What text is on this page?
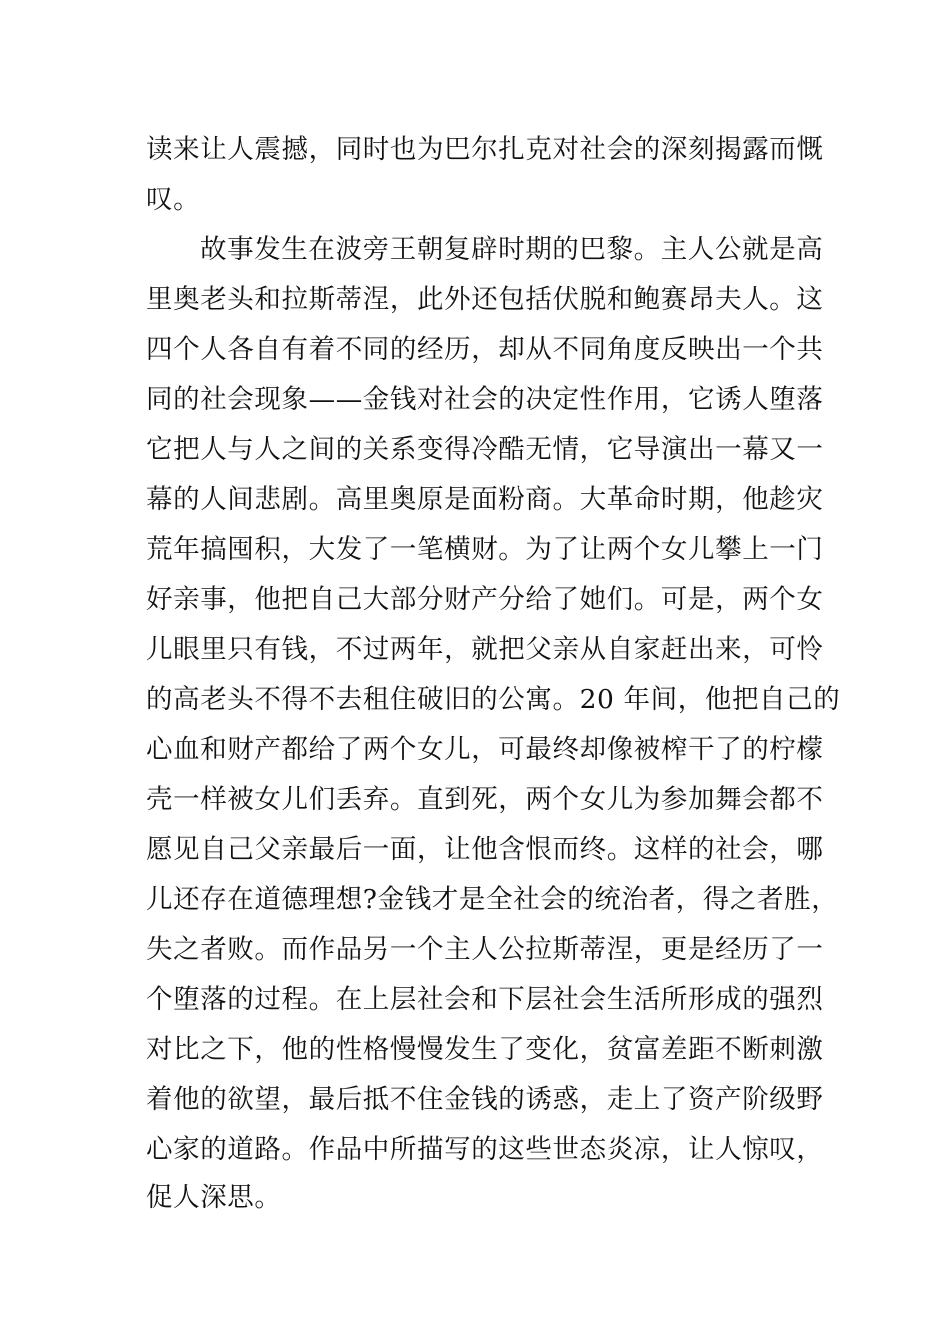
读来让人震撼，同时也为巴尔扎克对社会的深刻揭露而慨
叹。
故事发生在波旁王朝复辟时期的巴黎。主人公就是高
里奥老头和拉斯蒂涅，此外还包括伏脱和鲍赛昂夫人。这
四个人各自有着不同的经历，却从不同角度反映出一个共
同的社会现象——金钱对社会的决定性作用，它诱人堕落
它把人与人之间的关系变得冷酷无情，它导演出一幕又一
幕的人间悲剧。高里奥原是面粉商。大革命时期，他趁灾
荒年搞囤积，大发了一笔横财。为了让两个女儿攀上一门
好亲事，他把自己大部分财产分给了她们。可是，两个女
儿眼里只有钱，不过两年，就把父亲从自家赶出来，可怜
的高老头不得不去租住破旧的公寓。20 年间，他把自己的
心血和财产都给了两个女儿，可最终却像被榨干了的柠檬
壳一样被女儿们丢弃。直到死，两个女儿为参加舞会都不
愿见自己父亲最后一面，让他含恨而终。这样的社会，哪
儿还存在道德理想?金钱才是全社会的统治者，得之者胜，
失之者败。而作品另一个主人公拉斯蒂涅，更是经历了一
个堕落的过程。在上层社会和下层社会生活所形成的强烈
对比之下，他的性格慢慢发生了变化，贫富差距不断刺激
着他的欲望，最后抵不住金钱的诱惑，走上了资产阶级野
心家的道路。作品中所描写的这些世态炎凉，让人惊叹，
促人深思。
